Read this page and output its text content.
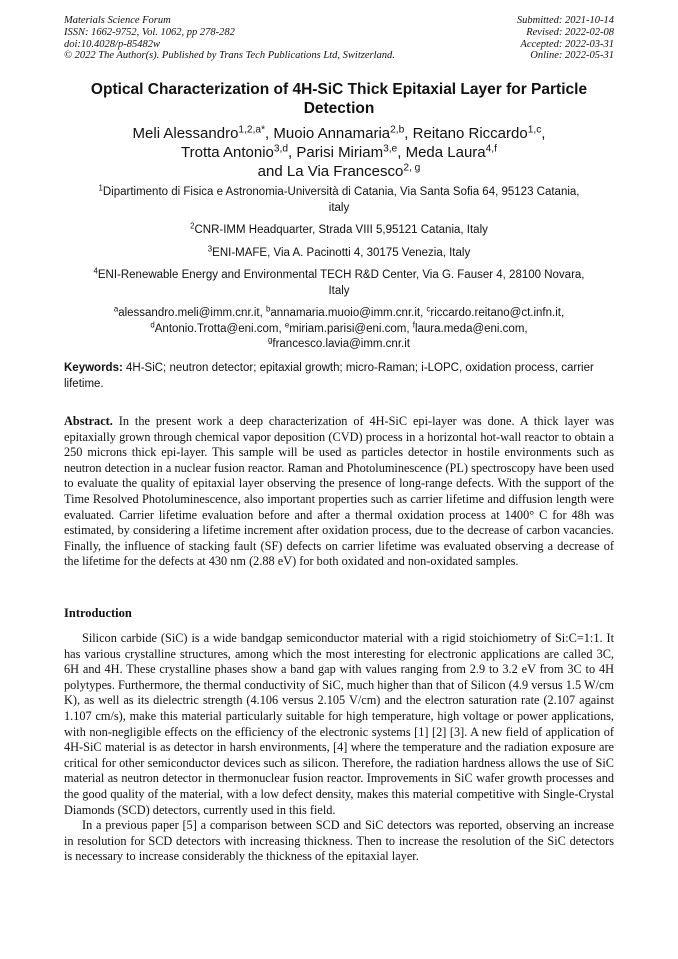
Materials Science Forum
ISSN: 1662-9752, Vol. 1062, pp 278-282
doi:10.4028/p-85482w
© 2022 The Author(s). Published by Trans Tech Publications Ltd, Switzerland.
Submitted: 2021-10-14
Revised: 2022-02-08
Accepted: 2022-03-31
Online: 2022-05-31
Optical Characterization of 4H-SiC Thick Epitaxial Layer for Particle Detection
Meli Alessandro$^{1,2,a*}$, Muoio Annamaria$^{2,b}$, Reitano Riccardo$^{1,c}$,
Trotta Antonio$^{3,d}$, Parisi Miriam$^{3,e}$, Meda Laura$^{4,f}$
and La Via Francesco$^{2, g}$
$^1$Dipartimento di Fisica e Astronomia-Università di Catania, Via Santa Sofia 64, 95123 Catania, italy
$^2$CNR-IMM Headquarter, Strada VIII 5,95121 Catania, Italy
$^3$ENI-MAFE, Via A. Pacinotti 4, 30175 Venezia, Italy
$^4$ENI-Renewable Energy and Environmental TECH R&D Center, Via G. Fauser 4, 28100 Novara, Italy
$^a$alessandro.meli@imm.cnr.it, $^b$annamaria.muoio@imm.cnr.it, $^c$riccardo.reitano@ct.infn.it,
$^d$Antonio.Trotta@eni.com, $^e$miriam.parisi@eni.com, $^f$laura.meda@eni.com,
$^g$francesco.lavia@imm.cnr.it
Keywords: 4H-SiC; neutron detector; epitaxial growth; micro-Raman; i-LOPC, oxidation process, carrier lifetime.
Abstract. In the present work a deep characterization of 4H-SiC epi-layer was done. A thick layer was epitaxially grown through chemical vapor deposition (CVD) process in a horizontal hot-wall reactor to obtain a 250 microns thick epi-layer. This sample will be used as particles detector in hostile environments such as neutron detection in a nuclear fusion reactor. Raman and Photoluminescence (PL) spectroscopy have been used to evaluate the quality of epitaxial layer observing the presence of long-range defects. With the support of the Time Resolved Photoluminescence, also important properties such as carrier lifetime and diffusion length were evaluated. Carrier lifetime evaluation before and after a thermal oxidation process at 1400° C for 48h was estimated, by considering a lifetime increment after oxidation process, due to the decrease of carbon vacancies. Finally, the influence of stacking fault (SF) defects on carrier lifetime was evaluated observing a decrease of the lifetime for the defects at 430 nm (2.88 eV) for both oxidated and non-oxidated samples.
Introduction

Silicon carbide (SiC) is a wide bandgap semiconductor material with a rigid stoichiometry of Si:C=1:1. It has various crystalline structures, among which the most interesting for electronic applications are called 3C, 6H and 4H. These crystalline phases show a band gap with values ranging from 2.9 to 3.2 eV from 3C to 4H polytypes. Furthermore, the thermal conductivity of SiC, much higher than that of Silicon (4.9 versus 1.5 W/cm K), as well as its dielectric strength (4.106 versus 2.105 V/cm) and the electron saturation rate (2.107 against 1.107 cm/s), make this material particularly suitable for high temperature, high voltage or power applications, with non-negligible effects on the efficiency of the electronic systems [1] [2] [3]. A new field of application of 4H-SiC material is as detector in harsh environments, [4] where the temperature and the radiation exposure are critical for other semiconductor devices such as silicon. Therefore, the radiation hardness allows the use of SiC material as neutron detector in thermonuclear fusion reactor. Improvements in SiC wafer growth processes and the good quality of the material, with a low defect density, makes this material competitive with Single-Crystal Diamonds (SCD) detectors, currently used in this field.

In a previous paper [5] a comparison between SCD and SiC detectors was reported, observing an increase in resolution for SCD detectors with increasing thickness. Then to increase the resolution of the SiC detectors is necessary to increase considerably the thickness of the epitaxial layer.
